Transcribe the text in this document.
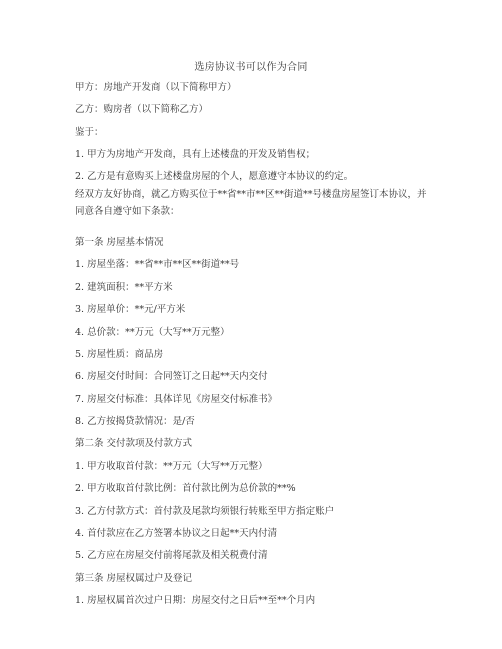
选房协议书可以作为合同
甲方：房地产开发商（以下简称甲方）
乙方：购房者（以下简称乙方）
鉴于：
1. 甲方为房地产开发商，具有上述楼盘的开发及销售权；
2. 乙方是有意购买上述楼盘房屋的个人，愿意遵守本协议的约定。
经双方友好协商，就乙方购买位于**省**市**区**街道**号楼盘房屋签订本协议，并同意各自遵守如下条款：
第一条 房屋基本情况
1. 房屋坐落：**省**市**区**街道**号
2. 建筑面积：**平方米
3. 房屋单价：**元/平方米
4. 总价款：**万元（大写**万元整）
5. 房屋性质：商品房
6. 房屋交付时间：合同签订之日起**天内交付
7. 房屋交付标准：具体详见《房屋交付标准书》
8. 乙方按揭贷款情况：是/否
第二条 交付款项及付款方式
1. 甲方收取首付款：**万元（大写**万元整）
2. 甲方收取首付款比例：首付款比例为总价款的**%
3. 乙方付款方式：首付款及尾款均须银行转账至甲方指定账户
4. 首付款应在乙方签署本协议之日起**天内付清
5. 乙方应在房屋交付前将尾款及相关税费付清
第三条 房屋权属过户及登记
1. 房屋权属首次过户日期：房屋交付之日后**至**个月内
